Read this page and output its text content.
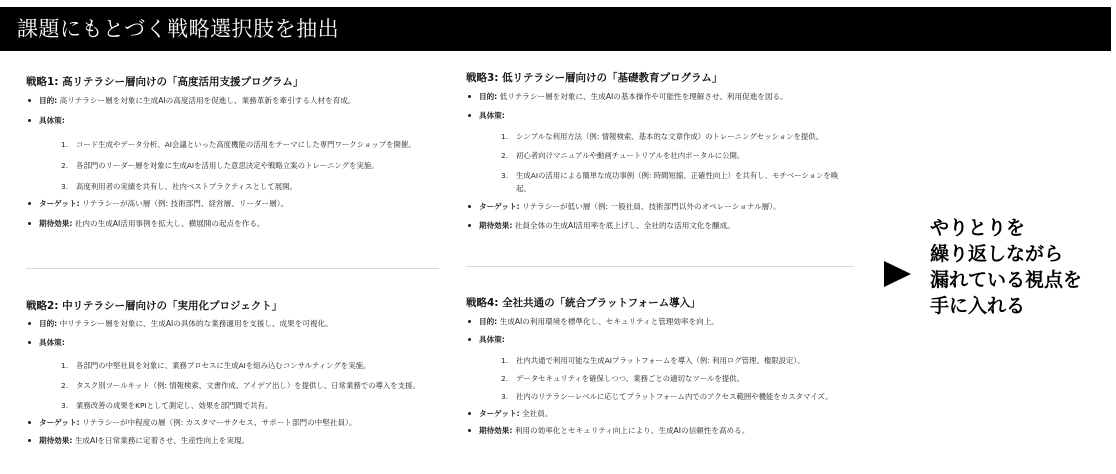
課題にもとづく戦略選択肢を抽出
戦略1: 高リテラシー層向けの「高度活用支援プログラム」
目的: 高リテラシー層を対象に生成AIの高度活用を促進し、業務革新を牽引する人材を育成。
具体策:
1. コード生成やデータ分析、AI会議といった高度機能の活用をテーマにした専門ワークショップを開催。
2. 各部門のリーダー層を対象に生成AIを活用した意思決定や戦略立案のトレーニングを実施。
3. 高度利用者の実績を共有し、社内ベストプラクティスとして展開。
ターゲット: リテラシーが高い層（例: 技術部門、経営層、リーダー層）。
期待効果: 社内の生成AI活用事例を拡大し、横展開の起点を作る。
戦略2: 中リテラシー層向けの「実用化プロジェクト」
目的: 中リテラシー層を対象に、生成AIの具体的な業務適用を支援し、成果を可視化。
具体策:
1. 各部門の中堅社員を対象に、業務プロセスに生成AIを組み込むコンサルティングを実施。
2. タスク別ツールキット（例: 情報検索、文書作成、アイデア出し）を提供し、日常業務での導入を支援。
3. 業務改善の成果をKPIとして測定し、効果を部門間で共有。
ターゲット: リテラシーが中程度の層（例: カスタマーサクセス、サポート部門の中堅社員）。
期待効果: 生成AIを日常業務に定着させ、生産性向上を実現。
戦略3: 低リテラシー層向けの「基礎教育プログラム」
目的: 低リテラシー層を対象に、生成AIの基本操作や可能性を理解させ、利用促進を図る。
具体策:
1. シンプルな利用方法（例: 情報検索、基本的な文章作成）のトレーニングセッションを提供。
2. 初心者向けマニュアルや動画チュートリアルを社内ポータルに公開。
3. 生成AIの活用による簡単な成功事例（例: 時間短縮、正確性向上）を共有し、モチベーションを喚起。
ターゲット: リテラシーが低い層（例: 一般社員、技術部門以外のオペレーショナル層）。
期待効果: 社員全体の生成AI活用率を底上げし、全社的な活用文化を醸成。
戦略4: 全社共通の「統合プラットフォーム導入」
目的: 生成AIの利用環境を標準化し、セキュリティと管理効率を向上。
具体策:
1. 社内共通で利用可能な生成AIプラットフォームを導入（例: 利用ログ管理、権限設定）。
2. データセキュリティを確保しつつ、業務ごとの適切なツールを提供。
3. 社内のリテラシーレベルに応じてプラットフォーム内でのアクセス範囲や機能をカスタマイズ。
ターゲット: 全社員。
期待効果: 利用の効率化とセキュリティ向上により、生成AIの信頼性を高める。
やりとりを
繰り返しながら
漏れている視点を
手に入れる
